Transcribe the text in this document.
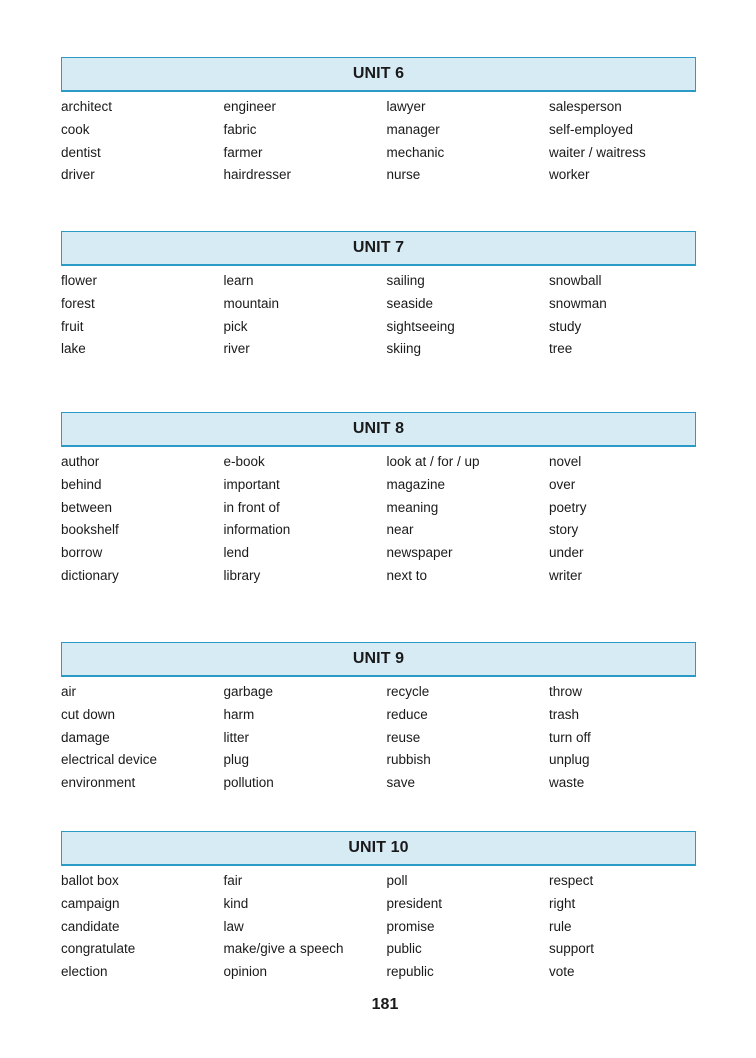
UNIT 6
architect	engineer	lawyer	salesperson
cook	fabric	manager	self-employed
dentist	farmer	mechanic	waiter / waitress
driver	hairdresser	nurse	worker
UNIT 7
flower	learn	sailing	snowball
forest	mountain	seaside	snowman
fruit	pick	sightseeing	study
lake	river	skiing	tree
UNIT 8
author	e-book	look at / for / up	novel
behind	important	magazine	over
between	in front of	meaning	poetry
bookshelf	information	near	story
borrow	lend	newspaper	under
dictionary	library	next to	writer
UNIT 9
air	garbage	recycle	throw
cut down	harm	reduce	trash
damage	litter	reuse	turn off
electrical device	plug	rubbish	unplug
environment	pollution	save	waste
UNIT 10
ballot box	fair	poll	respect
campaign	kind	president	right
candidate	law	promise	rule
congratulate	make/give a speech	public	support
election	opinion	republic	vote
181
